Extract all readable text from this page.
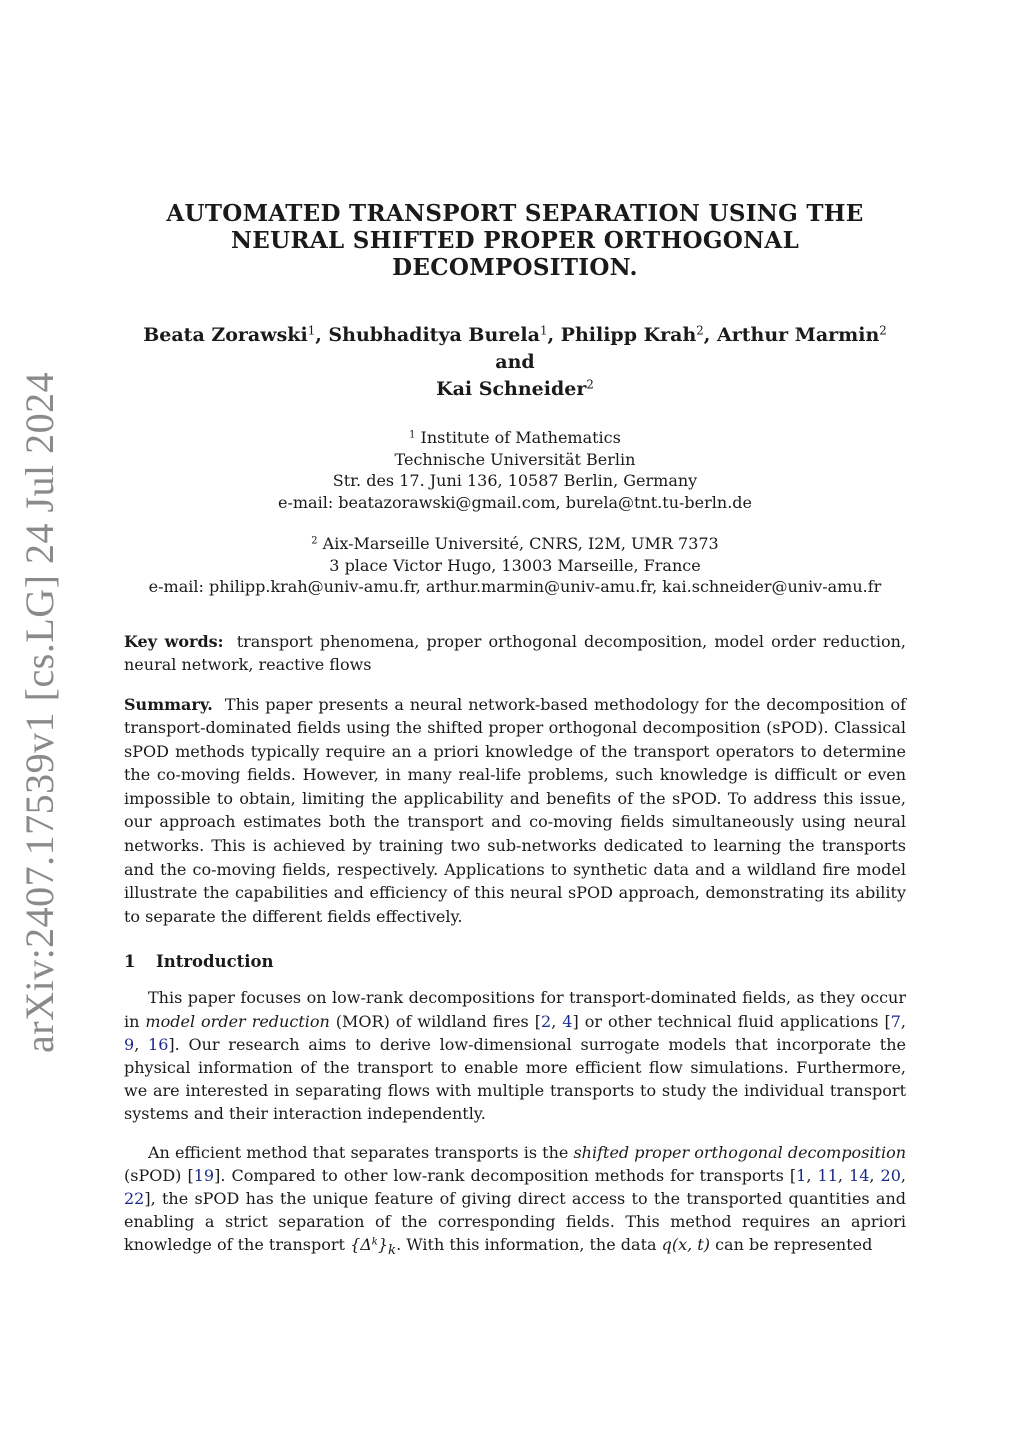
arXiv:2407.17539v1 [cs.LG] 24 Jul 2024
AUTOMATED TRANSPORT SEPARATION USING THE
NEURAL SHIFTED PROPER ORTHOGONAL
DECOMPOSITION.
Beata Zorawski$^1$, Shubhaditya Burela$^1$, Philipp Krah$^2$, Arthur Marmin$^2$ and
Kai Schneider$^2$
$^1$ Institute of Mathematics
Technische Universität Berlin
Str. des 17. Juni 136, 10587 Berlin, Germany
e-mail: beatazorawski@gmail.com, burela@tnt.tu-berln.de
$^2$ Aix-Marseille Université, CNRS, I2M, UMR 7373
3 place Victor Hugo, 13003 Marseille, France
e-mail: philipp.krah@univ-amu.fr, arthur.marmin@univ-amu.fr, kai.schneider@univ-amu.fr

Key words: transport phenomena, proper orthogonal decomposition, model order reduction, neural network, reactive flows

Summary. This paper presents a neural network-based methodology for the decomposition of transport-dominated fields using the shifted proper orthogonal decomposition (sPOD). Classical sPOD methods typically require an a priori knowledge of the transport operators to determine the co-moving fields. However, in many real-life problems, such knowledge is difficult or even impossible to obtain, limiting the applicability and benefits of the sPOD. To address this issue, our approach estimates both the transport and co-moving fields simultaneously using neural networks. This is achieved by training two sub-networks dedicated to learning the transports and the co-moving fields, respectively. Applications to synthetic data and a wildland fire model illustrate the capabilities and efficiency of this neural sPOD approach, demonstrating its ability to separate the different fields effectively.

1 Introduction

This paper focuses on low-rank decompositions for transport-dominated fields, as they occur in model order reduction (MOR) of wildland fires [2, 4] or other technical fluid applications [7, 9, 16]. Our research aims to derive low-dimensional surrogate models that incorporate the physical information of the transport to enable more efficient flow simulations. Furthermore, we are interested in separating flows with multiple transports to study the individual transport systems and their interaction independently.

An efficient method that separates transports is the shifted proper orthogonal decomposition (sPOD) [19]. Compared to other low-rank decomposition methods for transports [1, 11, 14, 20, 22], the sPOD has the unique feature of giving direct access to the transported quantities and enabling a strict separation of the corresponding fields. This method requires an apriori knowledge of the transport $\{\Delta^k\}_k$. With this information, the data q(x, t) can be represented
